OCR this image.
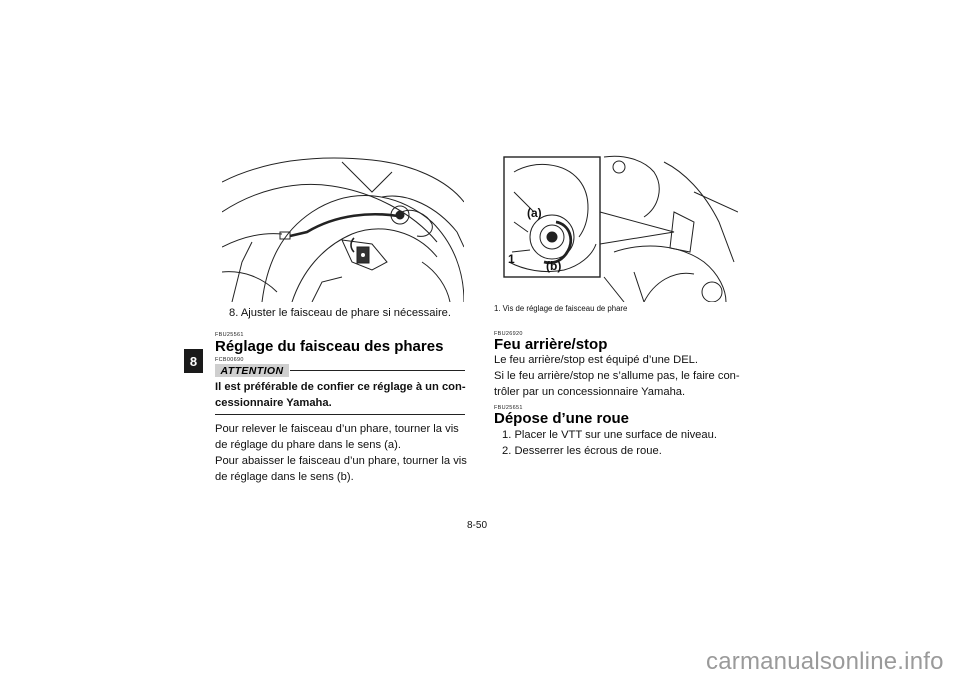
8
8. Ajuster le faisceau de phare si nécessaire.
FBU25561
Réglage du faisceau des phares
FCB00690
ATTENTION
Il est préférable de confier ce réglage à un con-
cessionnaire Yamaha.
Pour relever le faisceau d’un phare, tourner la vis
de réglage du phare dans le sens (a).
Pour abaisser le faisceau d’un phare, tourner la vis
de réglage dans le sens (b).
(a)
(b)
1
1. Vis de réglage de faisceau de phare
FBU26920
Feu arrière/stop
Le feu arrière/stop est équipé d’une DEL.
Si le feu arrière/stop ne s’allume pas, le faire con-
trôler par un concessionnaire Yamaha.
FBU25651
Dépose d’une roue
1. Placer le VTT sur une surface de niveau.
2. Desserrer les écrous de roue.
8-50
carmanualsonline.info
